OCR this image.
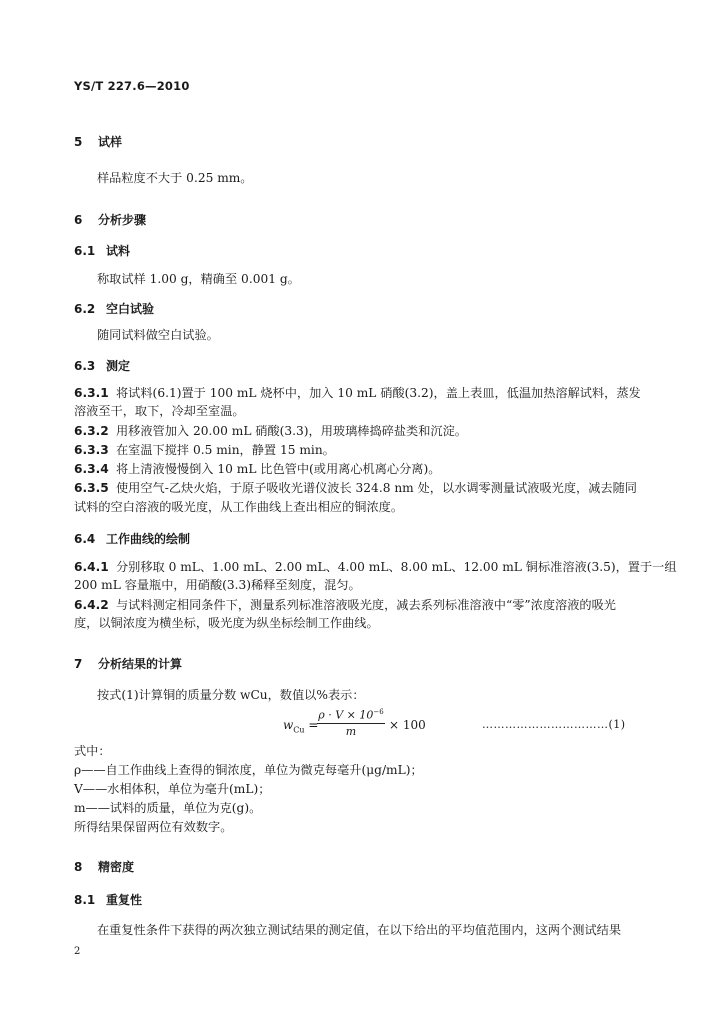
YS/T 227.6—2010
5 试样
样品粒度不大于 0.25 mm。
6 分析步骤
6.1 试料
称取试样 1.00 g，精确至 0.001 g。
6.2 空白试验
随同试料做空白试验。
6.3 测定
6.3.1 将试料(6.1)置于 100 mL 烧杯中，加入 10 mL 硝酸(3.2)，盖上表皿，低温加热溶解试料，蒸发
溶液至干，取下，冷却至室温。
6.3.2 用移液管加入 20.00 mL 硝酸(3.3)，用玻璃棒捣碎盐类和沉淀。
6.3.3 在室温下搅拌 0.5 min，静置 15 min。
6.3.4 将上清液慢慢倒入 10 mL 比色管中(或用离心机离心分离)。
6.3.5 使用空气-乙炔火焰，于原子吸收光谱仪波长 324.8 nm 处，以水调零测量试液吸光度，减去随同
试料的空白溶液的吸光度，从工作曲线上查出相应的铜浓度。
6.4 工作曲线的绘制
6.4.1 分别移取 0 mL、1.00 mL、2.00 mL、4.00 mL、8.00 mL、12.00 mL 铜标准溶液(3.5)，置于一组
200 mL 容量瓶中，用硝酸(3.3)稀释至刻度，混匀。
6.4.2 与试料测定相同条件下，测量系列标准溶液吸光度，减去系列标准溶液中“零”浓度溶液的吸光
度，以铜浓度为横坐标，吸光度为纵坐标绘制工作曲线。
7 分析结果的计算
按式(1)计算铜的质量分数 wCu，数值以%表示：
$w_{Cu}$ =
$\rho \cdot V \times 10^{-6}$
m	× 100	……………………………(1)
式中：
ρ——自工作曲线上查得的铜浓度，单位为微克每毫升(μg/mL)；
V——水相体积，单位为毫升(mL)；
m——试料的质量，单位为克(g)。
所得结果保留两位有效数字。
8 精密度
8.1 重复性
在重复性条件下获得的两次独立测试结果的测定值，在以下给出的平均值范围内，这两个测试结果
2
